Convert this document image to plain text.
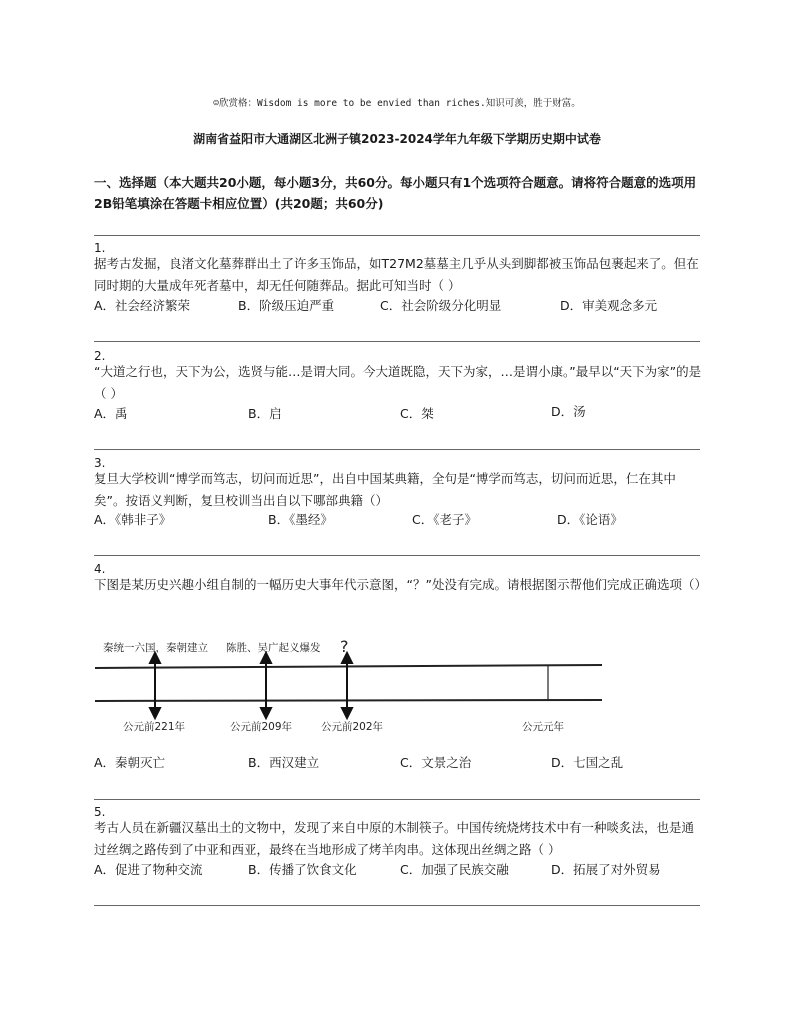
☺欣赏格：Wisdom is more to be envied than riches.知识可羡，胜于财富。
湖南省益阳市大通湖区北洲子镇2023-2024学年九年级下学期历史期中试卷
一、选择题（本大题共20小题，每小题3分，共60分。每小题只有1个选项符合题意。请将符合题意的选项用2B铅笔填涂在答题卡相应位置）(共20题；共60分)
1.
据考古发掘，良渚文化墓葬群出土了许多玉饰品，如T27M2墓墓主几乎从头到脚都被玉饰品包裹起来了。但在同时期的大量成年死者墓中，却无任何随葬品。据此可知当时（ ）
A．社会经济繁荣	B．阶级压迫严重	C．社会阶级分化明显	D．审美观念多元
2.
“大道之行也，天下为公，选贤与能…是谓大同。今大道既隐，天下为家，…是谓小康。”最早以“天下为家”的是（ ）
A．禹	B．启	C．桀	D．汤
3.
复旦大学校训“博学而笃志，切问而近思”，出自中国某典籍，全句是“博学而笃志，切问而近思，仁在其中矣”。按语义判断，复旦校训当出自以下哪部典籍（）
A．《韩非子》	B．《墨经》	C．《老子》	D．《论语》
4.
下图是某历史兴趣小组自制的一幅历史大事年代示意图，“？”处没有完成。请根据图示帮他们完成正确选项（）
秦统一六国，秦朝建立 陈胜、吴广起义爆发 ?
公元前221年	公元前209年	公元前202年	公元元年
A．秦朝灭亡	B．西汉建立	C．文景之治	D．七国之乱
5.
考古人员在新疆汉墓出土的文物中，发现了来自中原的木制筷子。中国传统烧烤技术中有一种啖炙法，也是通过丝绸之路传到了中亚和西亚，最终在当地形成了烤羊肉串。这体现出丝绸之路（ ）
A．促进了物种交流	B．传播了饮食文化	C．加强了民族交融	D．拓展了对外贸易
